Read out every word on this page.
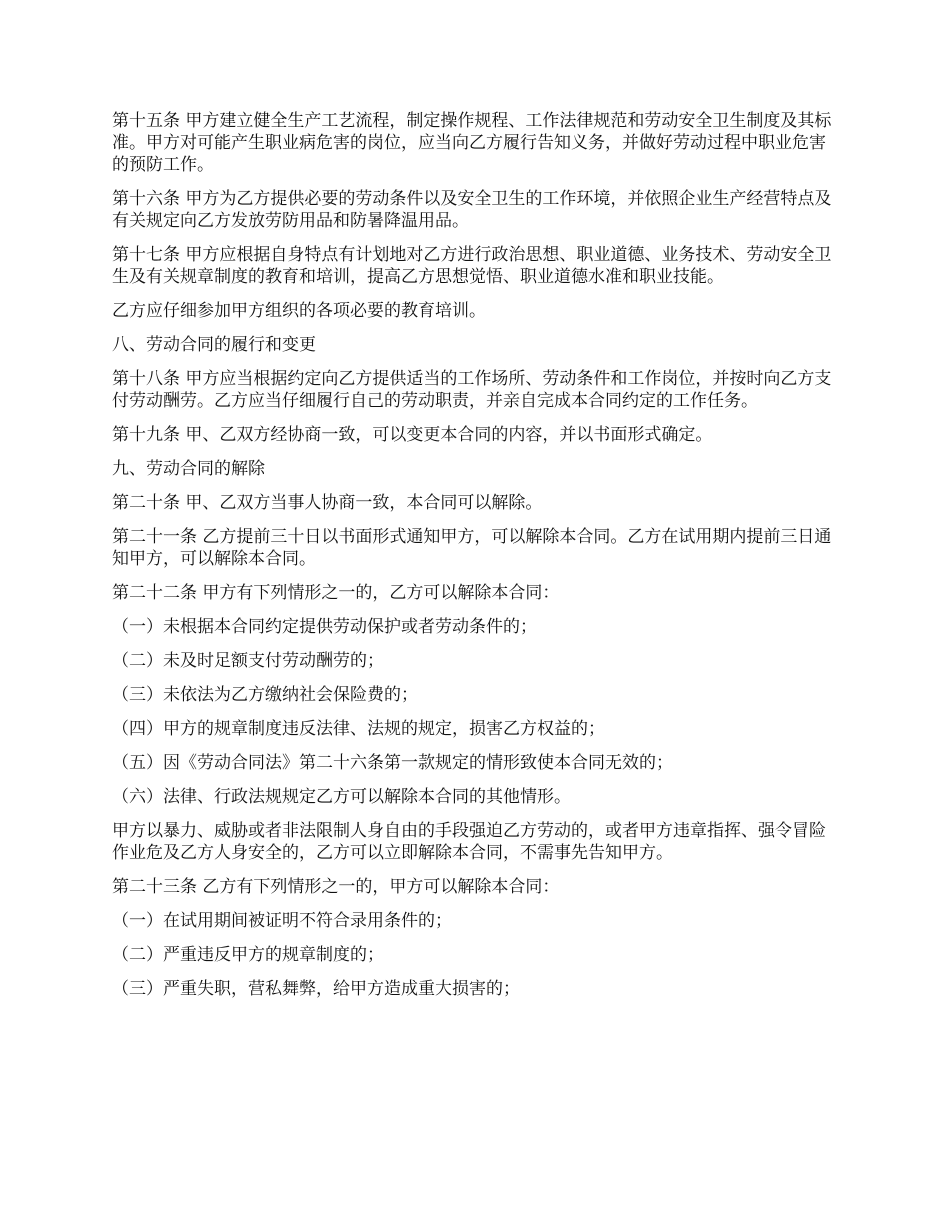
第十五条 甲方建立健全生产工艺流程，制定操作规程、工作法律规范和劳动安全卫生制度及其标准。甲方对可能产生职业病危害的岗位，应当向乙方履行告知义务，并做好劳动过程中职业危害的预防工作。

第十六条 甲方为乙方提供必要的劳动条件以及安全卫生的工作环境，并依照企业生产经营特点及有关规定向乙方发放劳防用品和防暑降温用品。

第十七条 甲方应根据自身特点有计划地对乙方进行政治思想、职业道德、业务技术、劳动安全卫生及有关规章制度的教育和培训，提高乙方思想觉悟、职业道德水准和职业技能。

乙方应仔细参加甲方组织的各项必要的教育培训。

八、劳动合同的履行和变更

第十八条 甲方应当根据约定向乙方提供适当的工作场所、劳动条件和工作岗位，并按时向乙方支付劳动酬劳。乙方应当仔细履行自己的劳动职责，并亲自完成本合同约定的工作任务。

第十九条 甲、乙双方经协商一致，可以变更本合同的内容，并以书面形式确定。

九、劳动合同的解除

第二十条 甲、乙双方当事人协商一致，本合同可以解除。

第二十一条 乙方提前三十日以书面形式通知甲方，可以解除本合同。乙方在试用期内提前三日通知甲方，可以解除本合同。

第二十二条 甲方有下列情形之一的，乙方可以解除本合同：

（一）未根据本合同约定提供劳动保护或者劳动条件的；

（二）未及时足额支付劳动酬劳的；

（三）未依法为乙方缴纳社会保险费的；

（四）甲方的规章制度违反法律、法规的规定，损害乙方权益的；

（五）因《劳动合同法》第二十六条第一款规定的情形致使本合同无效的；

（六）法律、行政法规规定乙方可以解除本合同的其他情形。

甲方以暴力、威胁或者非法限制人身自由的手段强迫乙方劳动的，或者甲方违章指挥、强令冒险作业危及乙方人身安全的，乙方可以立即解除本合同，不需事先告知甲方。

第二十三条 乙方有下列情形之一的，甲方可以解除本合同：

（一）在试用期间被证明不符合录用条件的；

（二）严重违反甲方的规章制度的；

（三）严重失职，营私舞弊，给甲方造成重大损害的；
